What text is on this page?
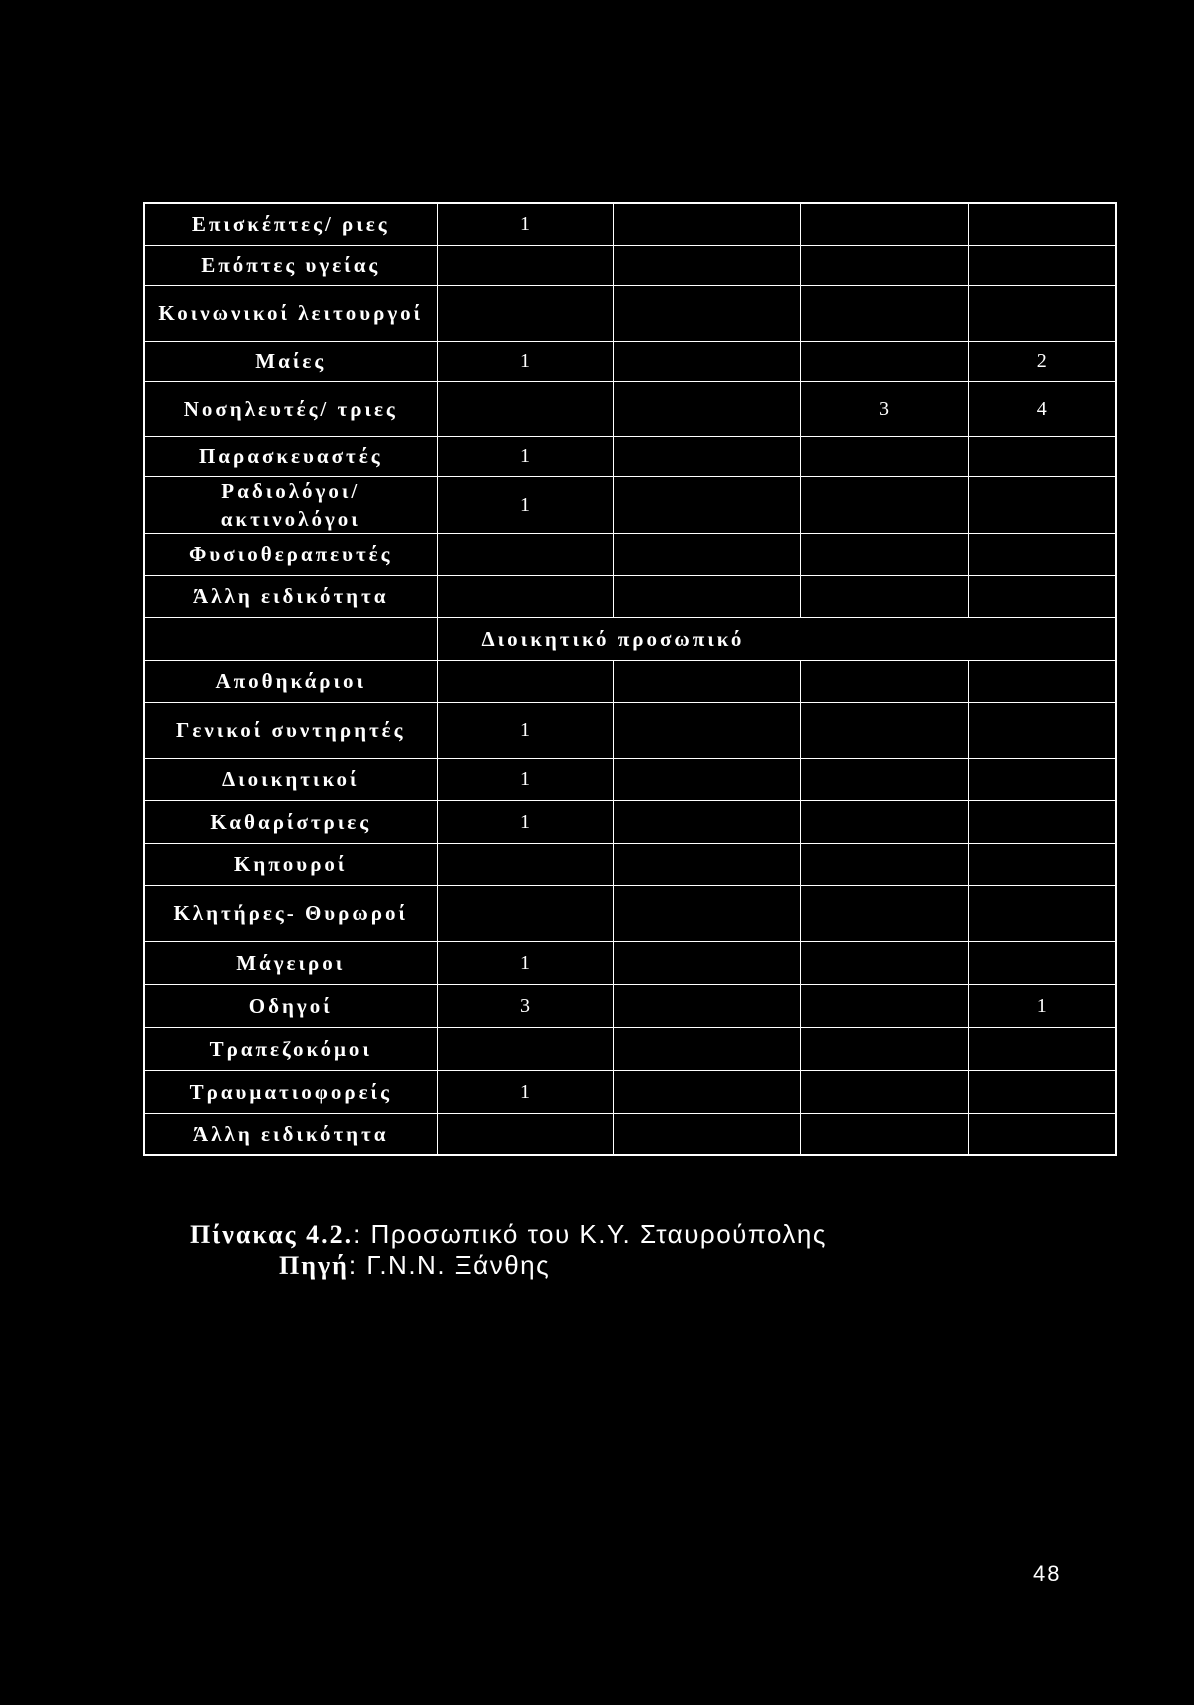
Επισκέπτες/ ριες	1			
Επόπτες υγείας				
Κοινωνικοί λειτουργοί				
Μαίες	1			2
Νοσηλευτές/ τριες			3	4
Παρασκευαστές	1			
Ραδιολόγοι/ ακτινολόγοι	1			
Φυσιοθεραπευτές				
Άλλη ειδικότητα				
	Διοικητικό προσωπικό			
Αποθηκάριοι				
Γενικοί συντηρητές	1			
Διοικητικοί	1			
Καθαρίστριες	1			
Κηπουροί				
Κλητήρες- Θυρωροί				
Μάγειροι	1			
Οδηγοί	3			1
Τραπεζοκόμοι				
Τραυματιοφορείς	1			
Άλλη ειδικότητα				
Πίνακας 4.2.: Προσωπικό του Κ.Υ. Σταυρούπολης
Πηγή: Γ.Ν.Ν. Ξάνθης
48
